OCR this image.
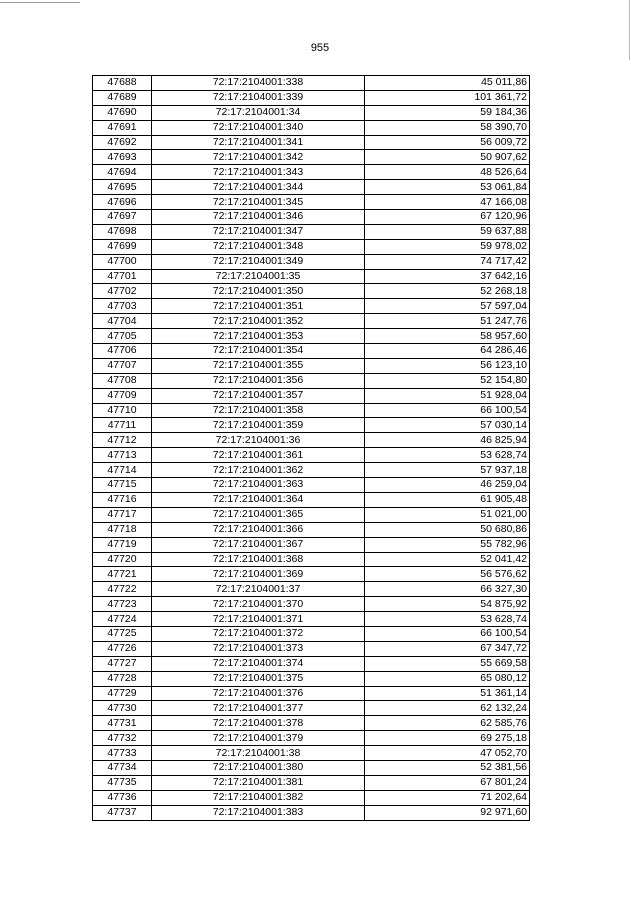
955
47688	72:17:2104001:338	45 011,86
47689	72:17:2104001:339	101 361,72
47690	72:17:2104001:34	59 184,36
47691	72:17:2104001:340	58 390,70
47692	72:17:2104001:341	56 009,72
47693	72:17:2104001:342	50 907,62
47694	72:17:2104001:343	48 526,64
47695	72:17:2104001:344	53 061,84
47696	72:17:2104001:345	47 166,08
47697	72:17:2104001:346	67 120,96
47698	72:17:2104001:347	59 637,88
47699	72:17:2104001:348	59 978,02
47700	72:17:2104001:349	74 717,42
47701	72:17:2104001:35	37 642,16
47702	72:17:2104001:350	52 268,18
47703	72:17:2104001:351	57 597,04
47704	72:17:2104001:352	51 247,76
47705	72:17:2104001:353	58 957,60
47706	72:17:2104001:354	64 286,46
47707	72:17:2104001:355	56 123,10
47708	72:17:2104001:356	52 154,80
47709	72:17:2104001:357	51 928,04
47710	72:17:2104001:358	66 100,54
47711	72:17:2104001:359	57 030,14
47712	72:17:2104001:36	46 825,94
47713	72:17:2104001:361	53 628,74
47714	72:17:2104001:362	57 937,18
47715	72:17:2104001:363	46 259,04
47716	72:17:2104001:364	61 905,48
47717	72:17:2104001:365	51 021,00
47718	72:17:2104001:366	50 680,86
47719	72:17:2104001:367	55 782,96
47720	72:17:2104001:368	52 041,42
47721	72:17:2104001:369	56 576,62
47722	72:17:2104001:37	66 327,30
47723	72:17:2104001:370	54 875,92
47724	72:17:2104001:371	53 628,74
47725	72:17:2104001:372	66 100,54
47726	72:17:2104001:373	67 347,72
47727	72:17:2104001:374	55 669,58
47728	72:17:2104001:375	65 080,12
47729	72:17:2104001:376	51 361,14
47730	72:17:2104001:377	62 132,24
47731	72:17:2104001:378	62 585,76
47732	72:17:2104001:379	69 275,18
47733	72:17:2104001:38	47 052,70
47734	72:17:2104001:380	52 381,56
47735	72:17:2104001:381	67 801,24
47736	72:17:2104001:382	71 202,64
47737	72:17:2104001:383	92 971,60
